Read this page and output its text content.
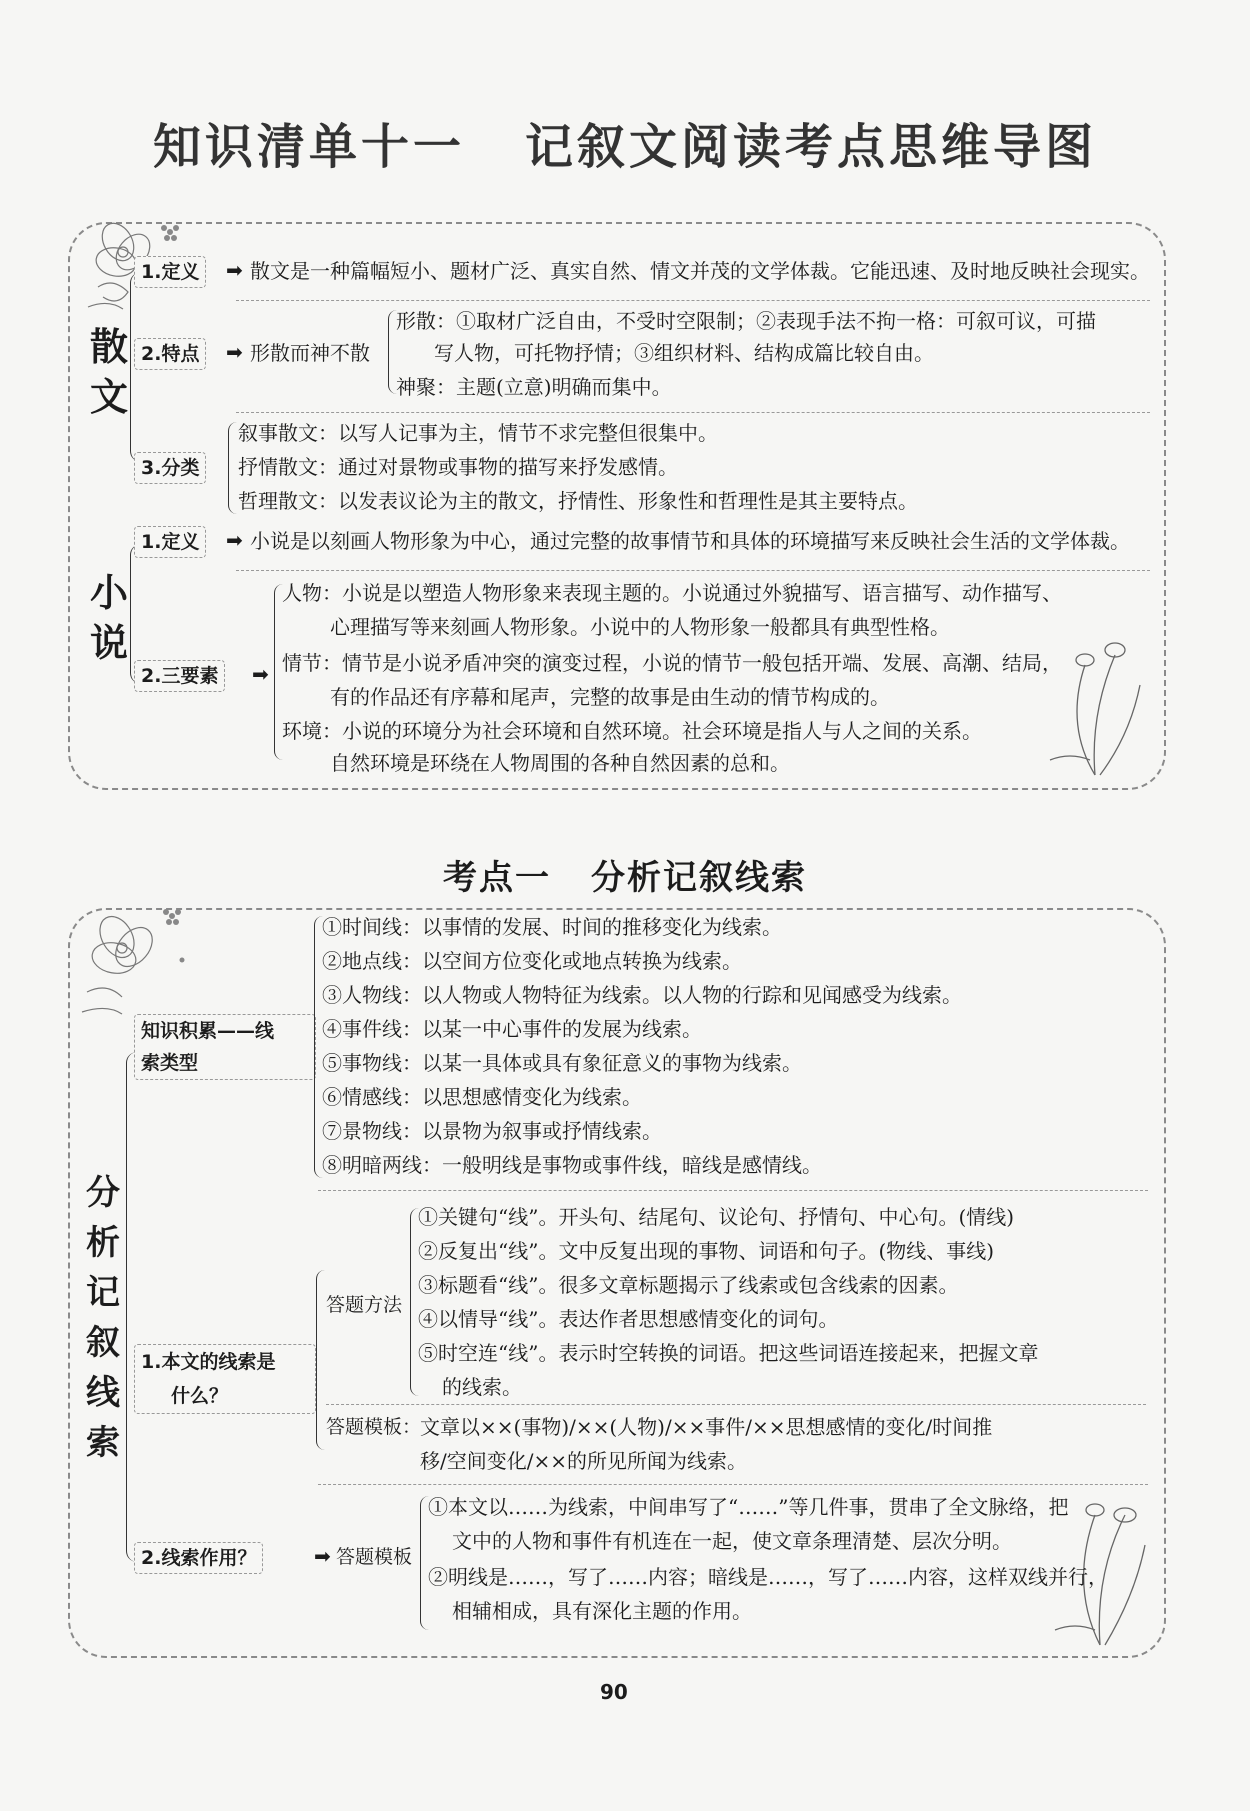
知识清单十一 记叙文阅读考点思维导图
散文
1.定义	➡ 散文是一种篇幅短小、题材广泛、真实自然、情文并茂的文学体裁。它能迅速、及时地反映社会现实。
2.特点	➡ 形散而神不散
形散：①取材广泛自由，不受时空限制；②表现手法不拘一格：可叙可议，可描
写人物，可托物抒情；③组织材料、结构成篇比较自由。
神聚：主题(立意)明确而集中。
3.分类
叙事散文：以写人记事为主，情节不求完整但很集中。
抒情散文：通过对景物或事物的描写来抒发感情。
哲理散文：以发表议论为主的散文，抒情性、形象性和哲理性是其主要特点。
小说
1.定义	➡ 小说是以刻画人物形象为中心，通过完整的故事情节和具体的环境描写来反映社会生活的文学体裁。
2.三要素	➡
人物：小说是以塑造人物形象来表现主题的。小说通过外貌描写、语言描写、动作描写、
心理描写等来刻画人物形象。小说中的人物形象一般都具有典型性格。
情节：情节是小说矛盾冲突的演变过程，小说的情节一般包括开端、发展、高潮、结局，
有的作品还有序幕和尾声，完整的故事是由生动的情节构成的。
环境：小说的环境分为社会环境和自然环境。社会环境是指人与人之间的关系。
自然环境是环绕在人物周围的各种自然因素的总和。
考点一 分析记叙线索
分析记叙线索
知识积累——线
索类型
①时间线：以事情的发展、时间的推移变化为线索。
②地点线：以空间方位变化或地点转换为线索。
③人物线：以人物或人物特征为线索。以人物的行踪和见闻感受为线索。
④事件线：以某一中心事件的发展为线索。
⑤事物线：以某一具体或具有象征意义的事物为线索。
⑥情感线：以思想感情变化为线索。
⑦景物线：以景物为叙事或抒情线索。
⑧明暗两线：一般明线是事物或事件线，暗线是感情线。
1.本文的线索是
什么？
答题方法
①关键句“线”。开头句、结尾句、议论句、抒情句、中心句。(情线)
②反复出“线”。文中反复出现的事物、词语和句子。(物线、事线)
③标题看“线”。很多文章标题揭示了线索或包含线索的因素。
④以情导“线”。表达作者思想感情变化的词句。
⑤时空连“线”。表示时空转换的词语。把这些词语连接起来，把握文章
的线索。
答题模板：
文章以××(事物)/××(人物)/××事件/××思想感情的变化/时间推
移/空间变化/××的所见所闻为线索。
2.线索作用？	➡ 答题模板
①本文以……为线索，中间串写了“……”等几件事，贯串了全文脉络，把
文中的人物和事件有机连在一起，使文章条理清楚、层次分明。
②明线是……，写了……内容；暗线是……，写了……内容，这样双线并行，
相辅相成，具有深化主题的作用。
90
